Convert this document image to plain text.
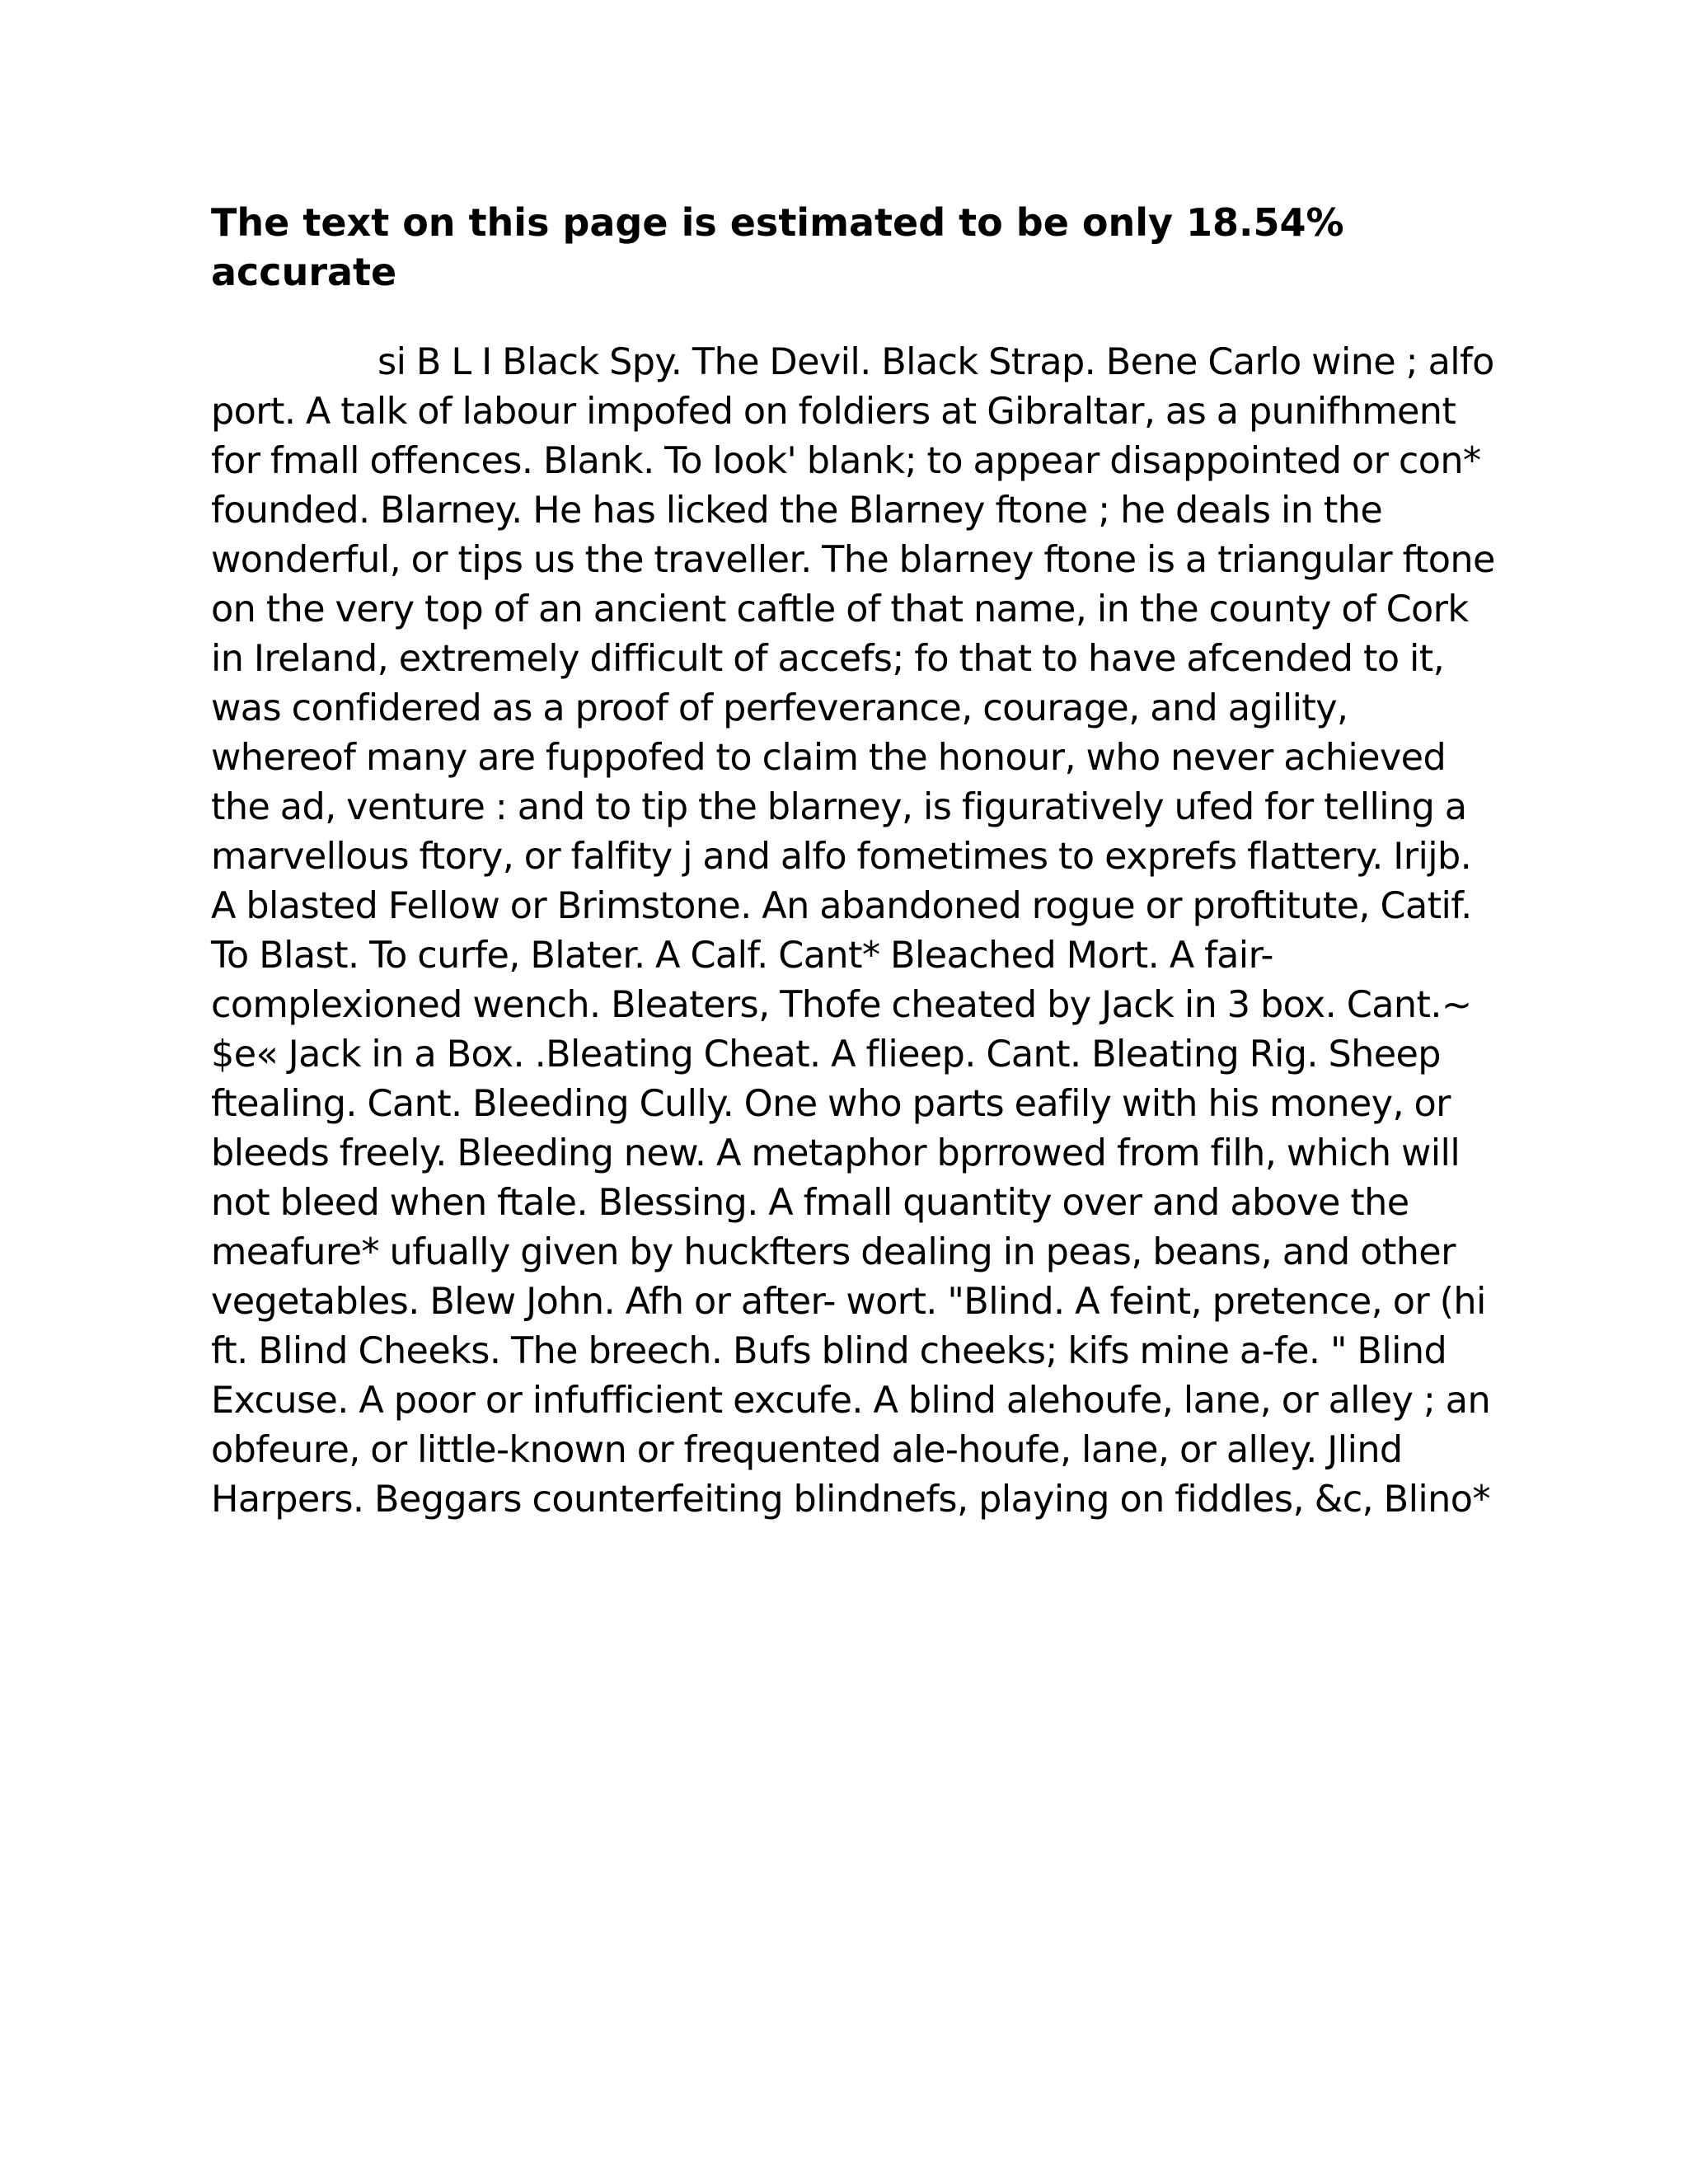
The text on this page is estimated to be only 18.54% accurate

si B L I Black Spy. The Devil. Black Strap. Bene Carlo wine ; alfo port. A talk of labour impofed on foldiers at Gibraltar, as a punifhment for fmall offences. Blank. To look' blank; to appear disappointed or con* founded. Blarney. He has licked the Blarney ftone ; he deals in the wonderful, or tips us the traveller. The blarney ftone is a triangular ftone on the very top of an ancient caftle of that name, in the county of Cork in Ireland, extremely difficult of accefs; fo that to have afcended to it, was confidered as a proof of perfeverance, courage, and agility, whereof many are fuppofed to claim the honour, who never achieved the ad, venture : and to tip the blarney, is figuratively ufed for telling a marvellous ftory, or falfity j and alfo fometimes to exprefs flattery. Irijb. A blasted Fellow or Brimstone. An abandoned rogue or proftitute, Catif. To Blast. To curfe, Blater. A Calf. Cant* Bleached Mort. A fair-complexioned wench. Bleaters, Thofe cheated by Jack in 3 box. Cant.~ $e« Jack in a Box. .Bleating Cheat. A flieep. Cant. Bleating Rig. Sheep ftealing. Cant. Bleeding Cully. One who parts eafily with his money, or bleeds freely. Bleeding new. A metaphor bprrowed from filh, which will not bleed when ftale. Blessing. A fmall quantity over and above the meafure* ufually given by huckfters dealing in peas, beans, and other vegetables. Blew John. Afh or after- wort. "Blind. A feint, pretence, or (hi ft. Blind Cheeks. The breech. Bufs blind cheeks; kifs mine a-fe. " Blind Excuse. A poor or infufficient excufe. A blind alehoufe, lane, or alley ; an obfeure, or little-known or frequented ale-houfe, lane, or alley. Jlind Harpers. Beggars counterfeiting blindnefs, playing on fiddles, &c, Blino*
